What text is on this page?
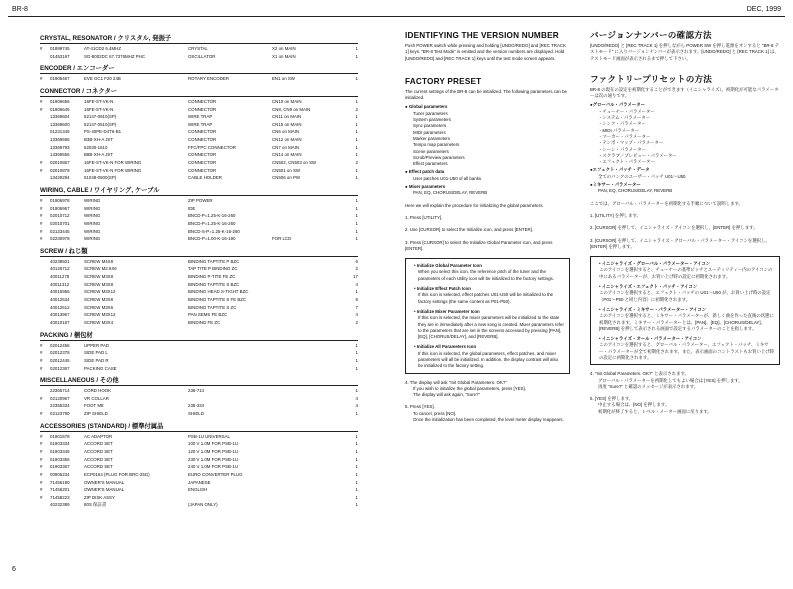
BR-8	DEC, 1999
CRYSTAL, RESONATOR / クリスタル, 発振子
#	01899745	AT-41CD2 6.4MHZ	CRYSTAL	X2 on MAIN	1
01453167	SG-8002DC 67.7376MHZ PHC	OSCILLATOR	X1 on MAIN	1
ENCODER / エンコーダー
#	01905467	EVE GC1 F20 24B	ROTARY ENCODER	EN1 on SW	1
CONNECTOR / コネクター
#	01906656	16FE-ST-VK-N	CONNECTOR	CN10 on MAIN	1
#	01906645	16FE-ST-VK-N	CONNECTOR	CN8, CN9 on MAIN	2
13369604	52147-0910(SP)	WIRE TRAP	CN11 on MAIN	1
13369600	52147-0510(SP)	WIRE TRAP	CN15 on MAIN	1
01231345	PS-40PE-D4T6-B1	CONNECTOR	CN6 on MAIN	1
13369595	B3B-XH-A JST	CONNECTOR	CN12 on MAIN	1
13369793	52030-1610	FFC/FPC CONNECTOR	CN7 on MAIN	1
13369556	B8B-XH-A JST	CONNECTOR	CN14 on MAIN	1
#	02010867	16FE-ST-VK-N FOR WIRING	CONNECTOR	CN502, CN503 on SW	2
#	02010878	16FE-ST-VK-N FOR WIRING	CONNECTOR	CN501 on SW	1
13429294	51048-0500(SP)	CABLE HOLDER	CN506 on PW	1
WIRING, CABLE / ワイヤリング, ケーブル
#	01906978	WIRING	ZIP POWER	1
#	01906967	WIRING	IDE	1
#	02010712	WIRING	BNCD-P=1.25-K-16-260	1
#	02010701	WIRING	BNCD-P=1.25-K-16-260	1
#	02123445	WIRING	BNCD-S-P=1.25-K-16-260	1
#	02230978	WIRING	BNCD-P=1.00-K-16-190	FOR LCD	1
SCREW / ねじ類
40238501	SCREW M4X8	BINDING TAPTITE P BZC	6
40126712	SCREW M2.6X6	TAP TITE P BINDING ZC	2
40011278	SCREW M3X8	BINDING P-TITE FE ZC	17
40011312	SCREW M3X8	BINDING TAPTITE S BZC	4
40015956	SCREW M3X12	BINDING HEAD S-TIGHT BZC	1
40012534	SCREW M3X8	BINDING TAPTITE S FE BZC	9
40012512	SCREW M3X6	BINDING TAPTITE S ZC	7
40013967	SCREW M3X12	PAN SEMS FE BZC	4
40010167	SCREW M3X4	BINDING FE ZC	2
PACKING / 梱包材
#	02012456	UPPER PAD	1
#	02012378	SIDE PAD L	1
#	02012445	SIDE PAD R	1
#	02012367	PACKING CASE	1
MISCELLANEOUS / その他
22365714	CORD HOOK	236-714	1
#	02120967	VR COLLAR	4
22355334	FOOT M8	235-334	4
#	02123790	ZIP SHIELD	SHIELD	1
ACCESSORIES (STANDARD) / 標準付属品
#	01901578	AC ADAPTOR	PSB-1U UNIVERSAL	1
#	01903334	ACCORD SET	100 V 1.0M FOR PSB-1U	1
#	01903345	ACCORD SET	120 V 1.0M FOR PSB-1U	1
#	01903356	ACCORD SET	230 V 1.0M FOR PSB-1U	1
#	01903367	ACCORD SET	240 V 1.0M FOR PSB-1U	1
#	00905234	ECP0164 (PLUG FOR BRC-25G)	EURO CONVERTER PLUG	1
#	71456190	OWNER'S MANUAL	JAPANESE	1
#	71456201	OWNER'S MANUAL	ENGLISH	1
#	71458223	ZIP DISK ASSY	1
40232389	80S 保証書	(JAPAN ONLY)	1
IDENTIFYING THE VERSION NUMBER
Push POWER switch while pressing and holding [UNDO/REDO] and [REC TRACK 1] keys. "BR-8 Test Mode" is emitted and the version numbers are displayed. Hold [UNDO/REDO] and [REC TRACK 1] keys until the test mode screen appears.
FACTORY PRESET
The current settings of the BR-8 can be initialized. The following parameters can be initialized.
● Global parameters
Tuner parameters
System parameters
Sync parameters
MIDI parameters
Marker parameters
Tempo map parameters
Scene parameters
Scrub/Preview parameters
Effect parameters
● Effect patch data
User patches U01-U50 of all banks
● Mixer parameters
PAN, EQ, CHORUS/DELAY, REVERB
Here we will explain the procedure for initializing the global parameters.
1. Press [UTILITY].
2. Use [CURSOR] to select the Initialize icon, and press [ENTER].
3. Press [CURSOR] to select the Initialize Global Parameter icon, and press [ENTER].
• Initialize Global Parameter Icon
When you select this icon, the reference pitch of the tuner and the parameters of each Utility icon will be initialized to the factory settings.
• Initialize Effect Patch Icon
If this icon is selected, effect patches U01-U50 will be initialized to the factory settings (the same content as P01-P50).
• Initialize Mixer Parameter Icon
If this icon is selected, the mixer parameters will be initialized to the state they are in immediately after a new song is created. Mixer parameters refer to the parameters that are set in the screens accessed by pressing [PAN], [EQ], [CHORUS/DELAY], and [REVERB].
• Initialize All Parameters Icon
If this icon is selected, the global parameters, effect patches, and mixer parameters will all be initialized. In addition, the display contrast will also be initialized to the factory setting.
4. The display will ask "Init Global Parameters. OK?"
If you wish to initialize the global parameters, press [YES].
The display will ask again, "Sure?"
5. Press [YES].
To cancel, press [NO].
Once the initialization has been completed, the level meter display reappears.
バージョンナンバーの確認方法
[UNDO/REDO] と [REC TRACK 1] を押しながら POWER SW を押し電源をオンすると "BR-8 テストモード" に入りバージョンナンバーが表示されます。[UNDO/REDO] と [REC TRACK 1] は、テストモード画面が表示されるまで押して下さい。
ファクトリープリセットの方法
BR-8 の現在の設定を初期化することができます（イニシャライズ）。初期化が可能なパラメーターは次の通りです。
●グローバル・パラメーター
・チューナー・パラメーター
・システム・パラメーター
・シンク・パラメーター
・MIDI パラメーター
・マーカー・パラメーター
・テンポ・マップ・パラメーター
・シーン・パラメーター
・スクラブ／プレビュー・パラメーター
・エフェクト・パラメーター
●エフェクト・パッチ・データ
全てのバンクのユーザー・パッチ U01～U50
●ミキサー・パラメーター
PAN, EQ, CHORUS/DELAY, REVERB
ここでは、グローバル・パラメーターを初期化する手順について説明します。
1. [UTILITY] を押します。
2. [CURSOR] を押して、イニシャライズ・アイコンを選択し、[ENTER] を押します。
3. [CURSOR] を押して、イニシャライズ・グローバル・パラメーター・アイコンを選択し、[ENTER] を押します。
• イニシャライズ・グローバル・パラメーター・アイコン
このアイコンを選択すると、チューナーの基準ピッチとユーティリティー内のアイコンの中にあるパラメーターが、お買い上げ時の設定に初期化されます。
• イニシャライズ・エフェクト・パッチ・アイコン
このアイコンを選択すると、エフェクト・パッチの U01～U50 が、お買い上げ時の設定（P01～P50 と同じ内容）に初期化されます。
• イニシャライズ・ミキサー・パラメーター・アイコン
このアイコンを選択すると、ミキサー・パラメーターが、新しく曲を作った直後の状態に初期化されます。ミキサー・パラメーターとは、[PAN]、[EQ]、[CHORUS/DELAY]、[REVERB] を押して表示される画面で設定するパラメーターのことを指します。
• イニシャライズ・オール・パラメーター・アイコン
このアイコンを選択すると、グローバル・パラメーター、エフェクト・パッチ、ミキサー・パラメーターが全て初期化されます。また、表示画面のコントラストもお買い上げ時の設定に初期化されます。
4. "Init Global Parameters. OK?" と表示されます。
グローバル・パラメーターを初期化してもよい場合は [YES] を押します。
再度 "Sure?" と確認のメッセージが表示されます。
5. [YES] を押します。
中止する場合は、[NO] を押します。
初期化が終了すると、レベル・メーター画面に戻ります。
6
